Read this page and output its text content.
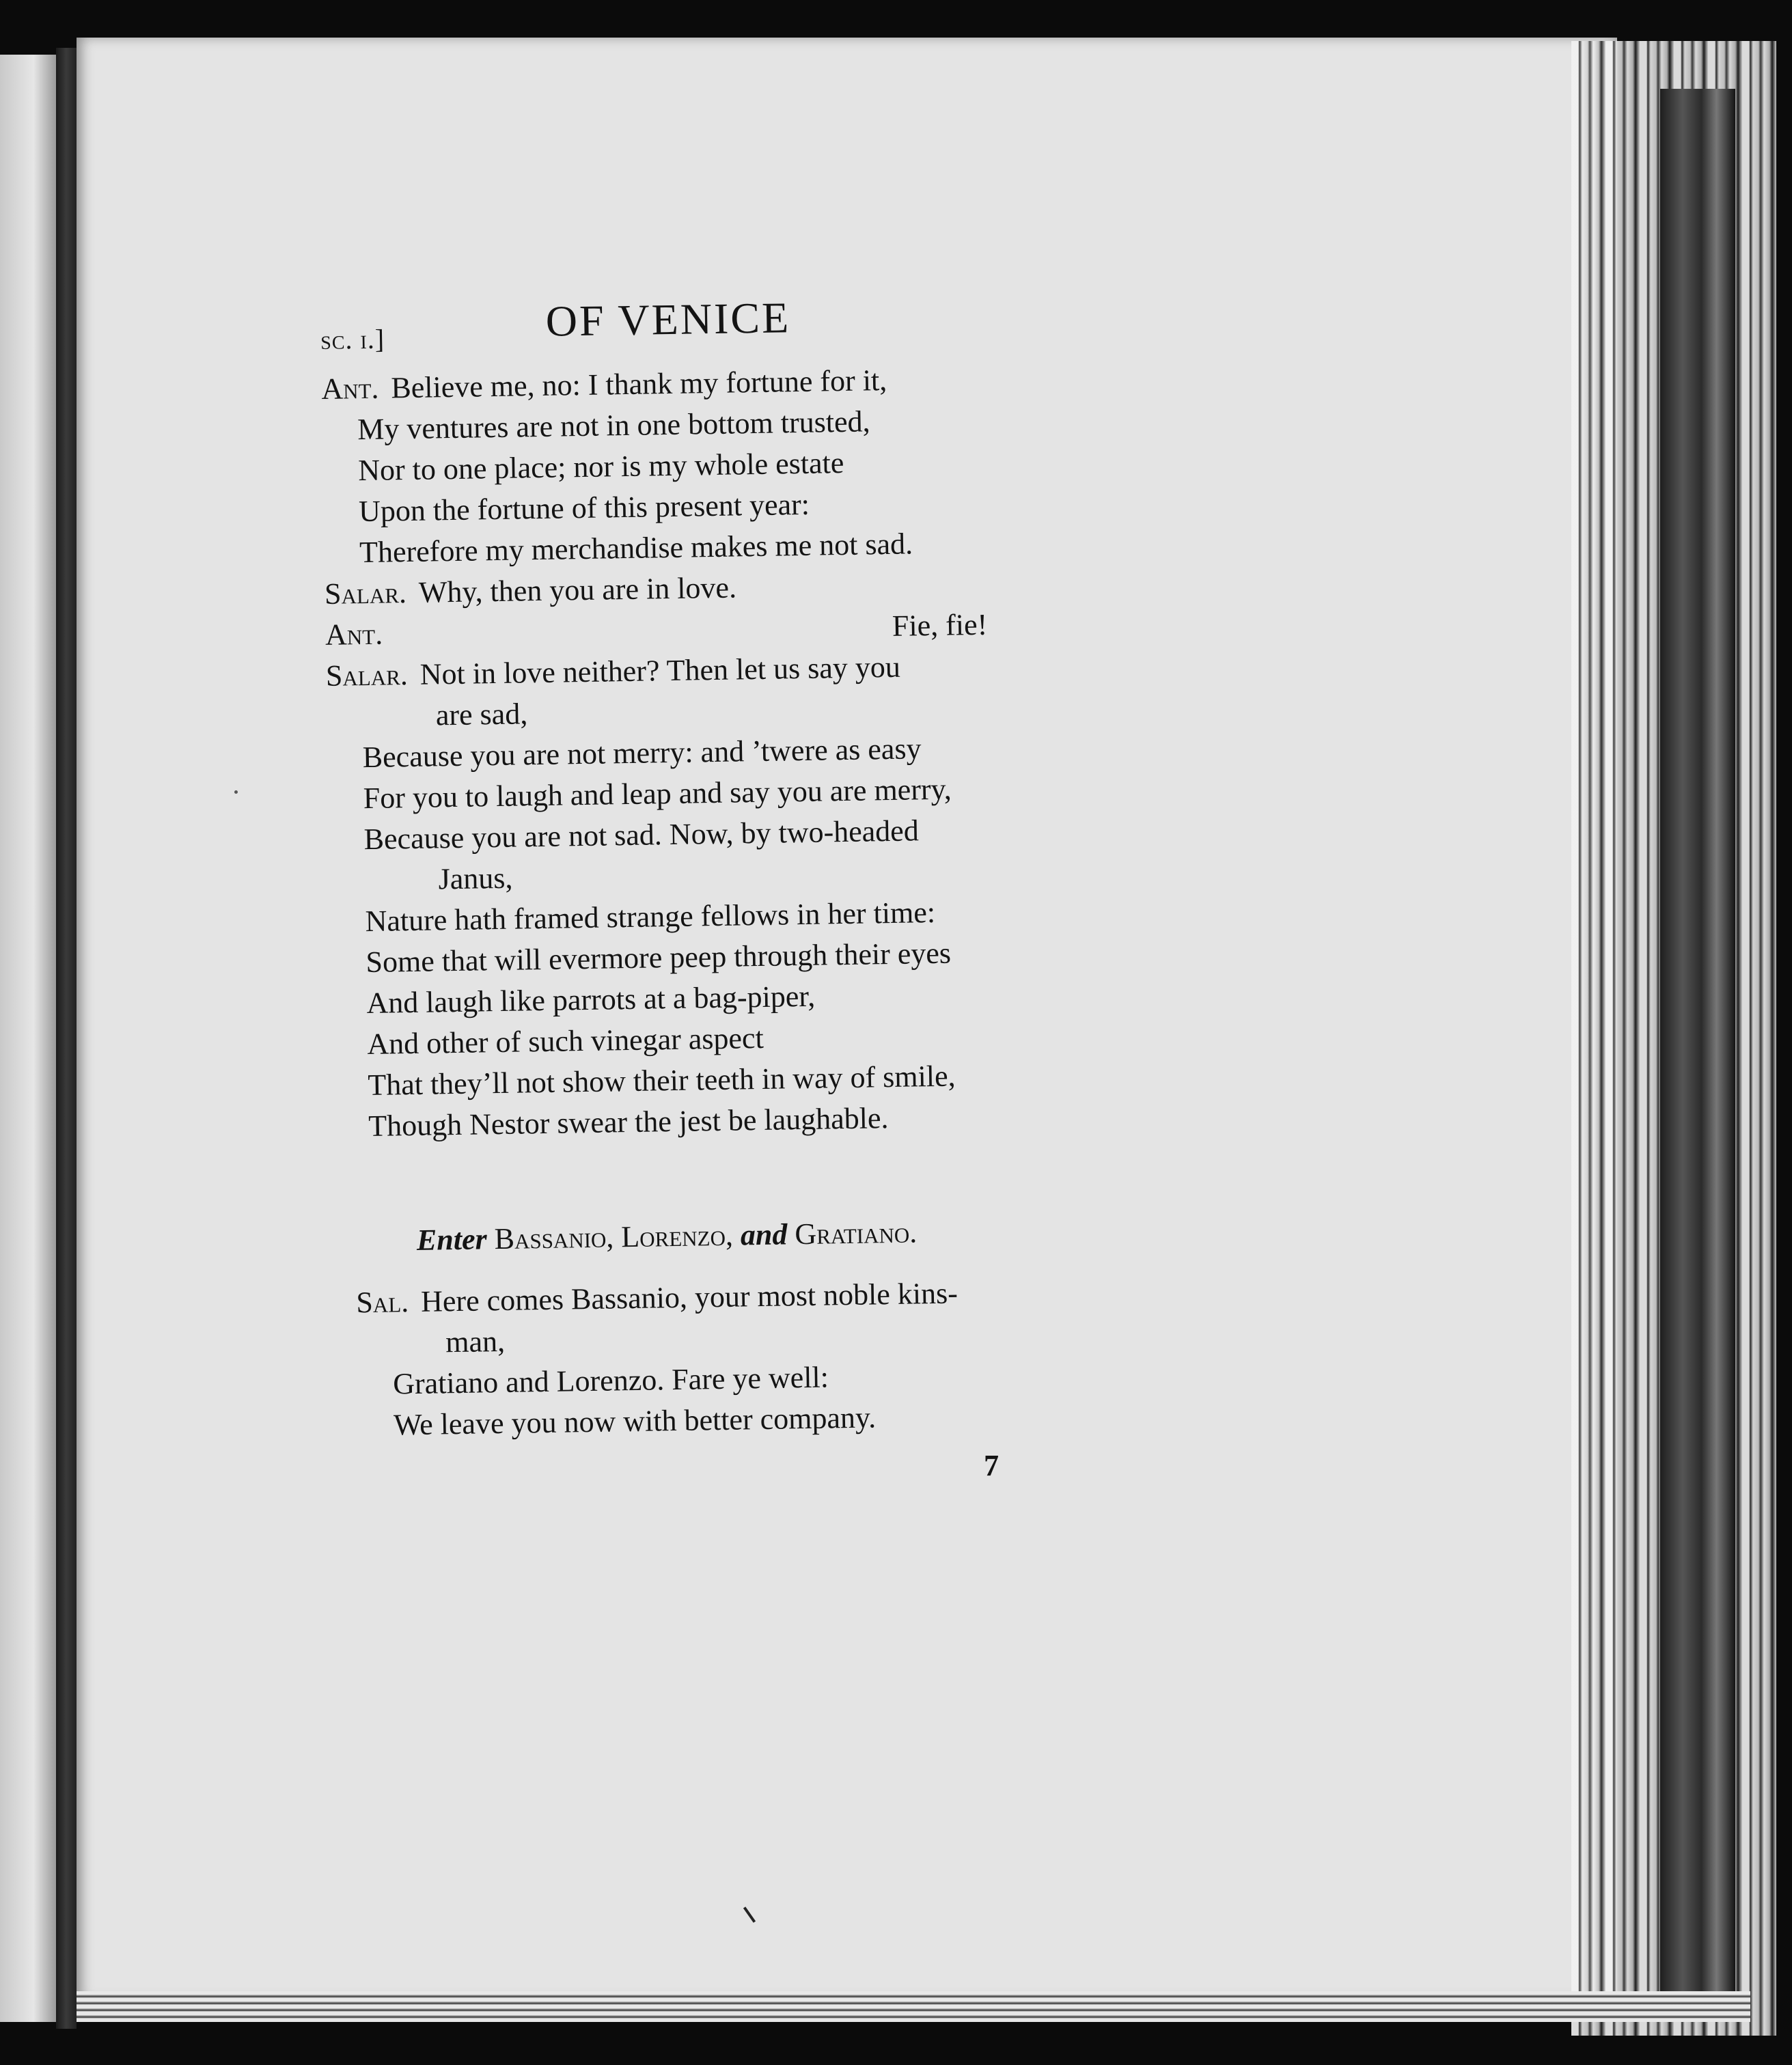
sc. i.]	OF VENICE
Ant. Believe me, no: I thank my fortune for it,
My ventures are not in one bottom trusted,
Nor to one place; nor is my whole estate
Upon the fortune of this present year:
Therefore my merchandise makes me not sad.
Salar. Why, then you are in love.
Ant.	Fie, fie!
Salar. Not in love neither? Then let us say you
are sad,
Because you are not merry: and ’twere as easy
For you to laugh and leap and say you are merry,
Because you are not sad. Now, by two-headed
Janus,
Nature hath framed strange fellows in her time:
Some that will evermore peep through their eyes
And laugh like parrots at a bag-piper,
And other of such vinegar aspect
That they’ll not show their teeth in way of smile,
Though Nestor swear the jest be laughable.
Enter Bassanio, Lorenzo, and Gratiano.
Sal. Here comes Bassanio, your most noble kins-
man,
Gratiano and Lorenzo. Fare ye well:
We leave you now with better company.
7
